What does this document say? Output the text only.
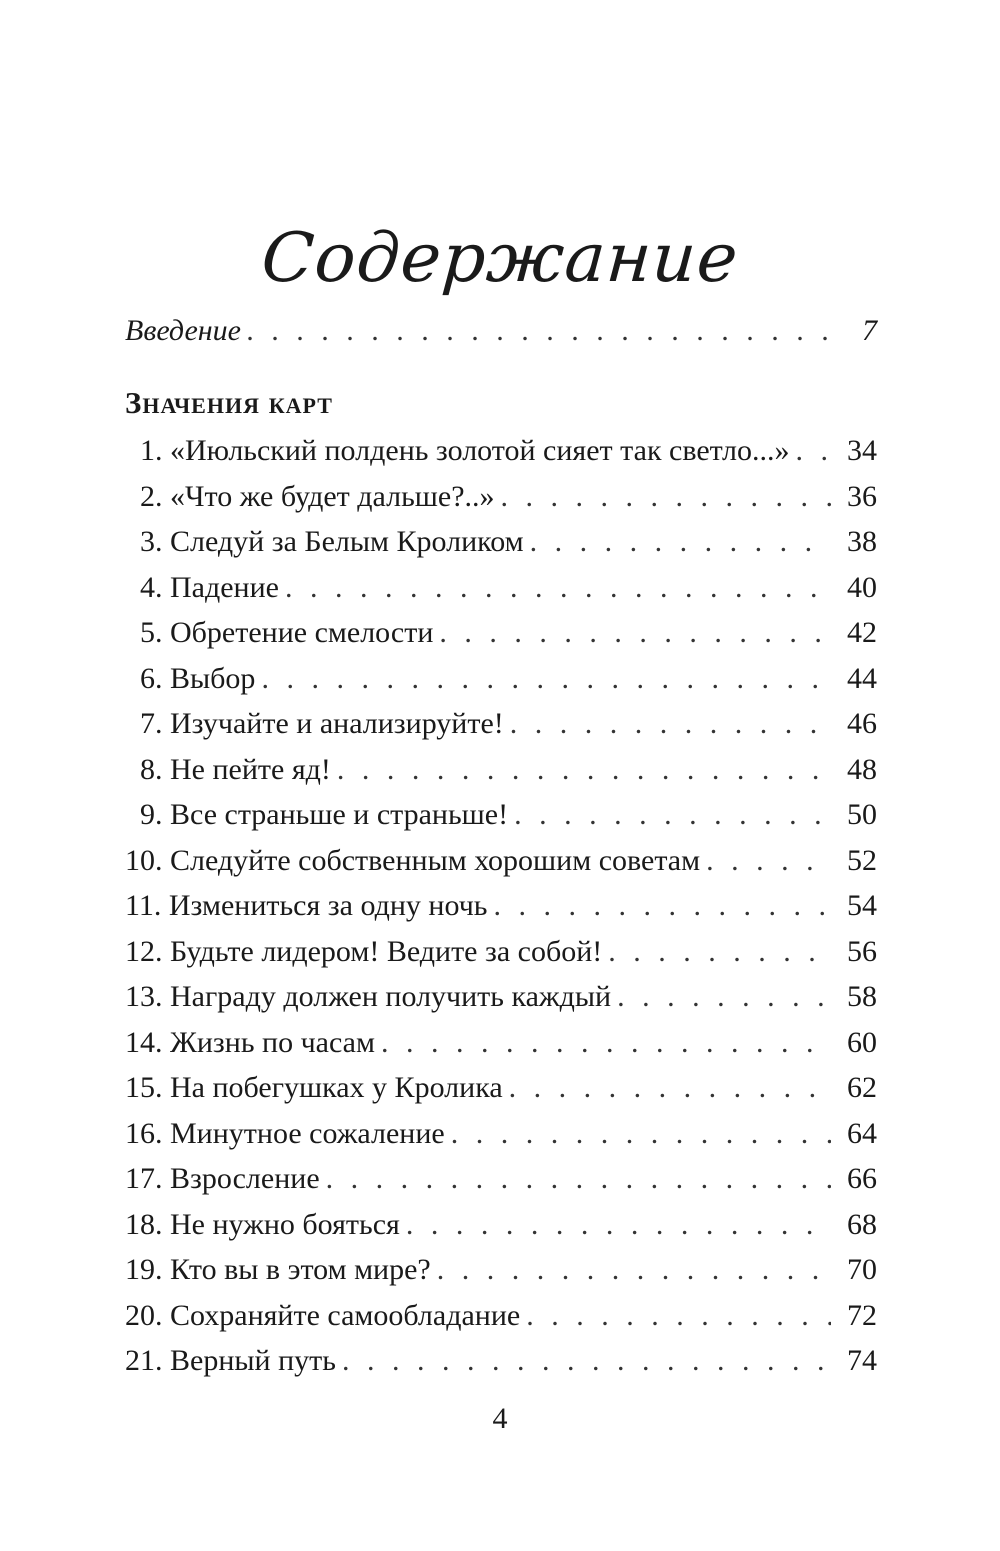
Содержание
Введение . . .	7
Значения карт
1. «Июльский полдень золотой сияет так светло...» . . .	34
2. «Что же будет дальше?..» . . .	36
3. Следуй за Белым Кроликом . . .	38
4. Падение . . .	40
5. Обретение смелости . . .	42
6. Выбор . . .	44
7. Изучайте и анализируйте! . . .	46
8. Не пейте яд! . . .	48
9. Все страньше и страньше! . . .	50
10. Следуйте собственным хорошим советам . . .	52
11. Измениться за одну ночь . . .	54
12. Будьте лидером! Ведите за собой! . . .	56
13. Награду должен получить каждый . . .	58
14. Жизнь по часам . . .	60
15. На побегушках у Кролика . . .	62
16. Минутное сожаление . . .	64
17. Взросление . . .	66
18. Не нужно бояться . . .	68
19. Кто вы в этом мире? . . .	70
20. Сохраняйте самообладание . . .	72
21. Верный путь . . .	74
4
